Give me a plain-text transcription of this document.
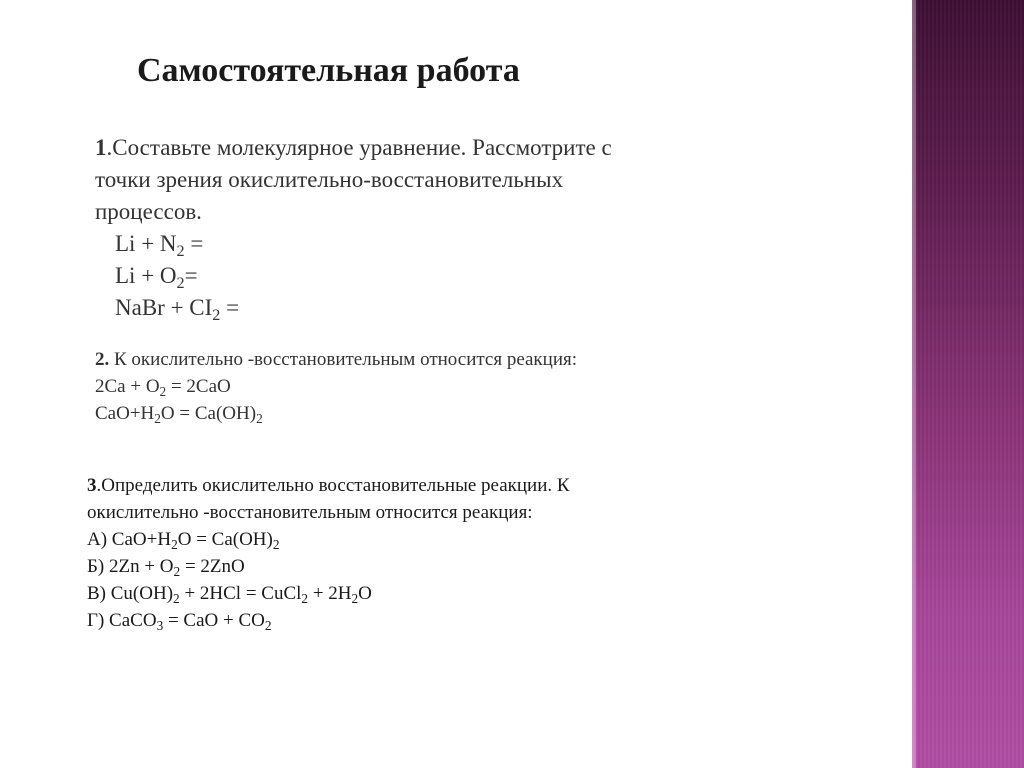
Самостоятельная работа
1.Составьте молекулярное уравнение. Рассмотрите с
точки зрения окислительно-восстановительных
процессов.
$Li + N_2$ =
$Li + O_2=$
NaBr + $CI_2$ =
2. К окислительно -восстановительным относится реакция:
$2Ca + O_2 = 2CaO$
$CaO+H_2O = Ca(OH)_2$
3.Определить окислительно восстановительные реакции. К
окислительно -восстановительным относится реакция:
А) $CaO+H_2O = Ca(OH)_2$
Б) $2Zn + O_2 = 2ZnO$
В) $Cu(OH)_2 + 2HCl$ = CuCl$_2$ + $2H_2O$
Г) CaCO$_3$ = CaO + $CO_2$
